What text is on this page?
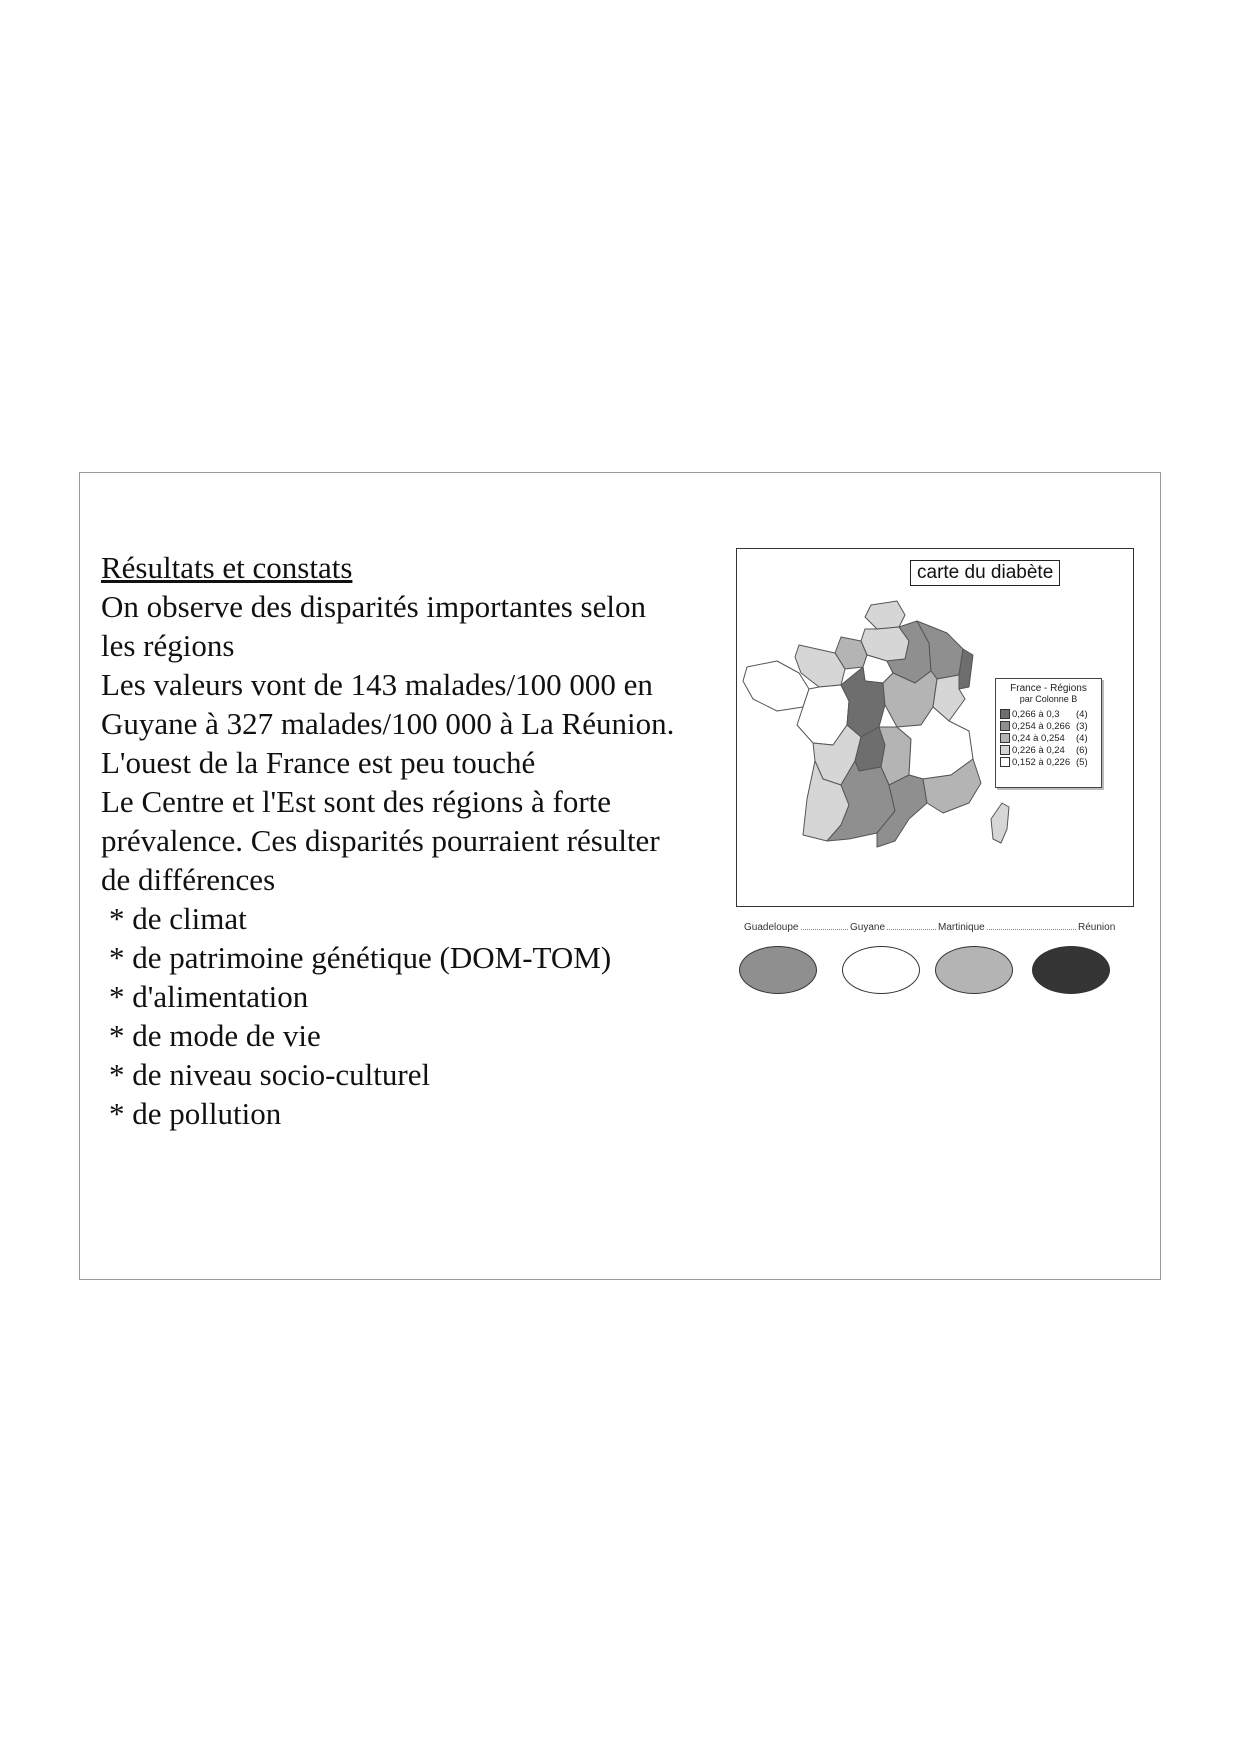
Résultats et constats
On observe des disparités importantes selon
les régions
Les valeurs vont de 143 malades/100 000 en
Guyane à 327 malades/100 000 à La Réunion.
L'ouest de la France est peu touché
Le Centre et l'Est sont des régions à forte
prévalence. Ces disparités pourraient résulter
de différences
* de climat
* de patrimoine génétique (DOM-TOM)
* d'alimentation
* de mode de vie
* de niveau socio-culturel
* de pollution
carte du diabète
France - Régions
par Colonne B
0,266 à 0,3	(4)
0,254 à 0,266 (3)
0,24 à 0,254	(4)
0,226 à 0,24	(6)
0,152 à 0,226 (5)
Guadeloupe	Guyane	Martinique	Réunion
